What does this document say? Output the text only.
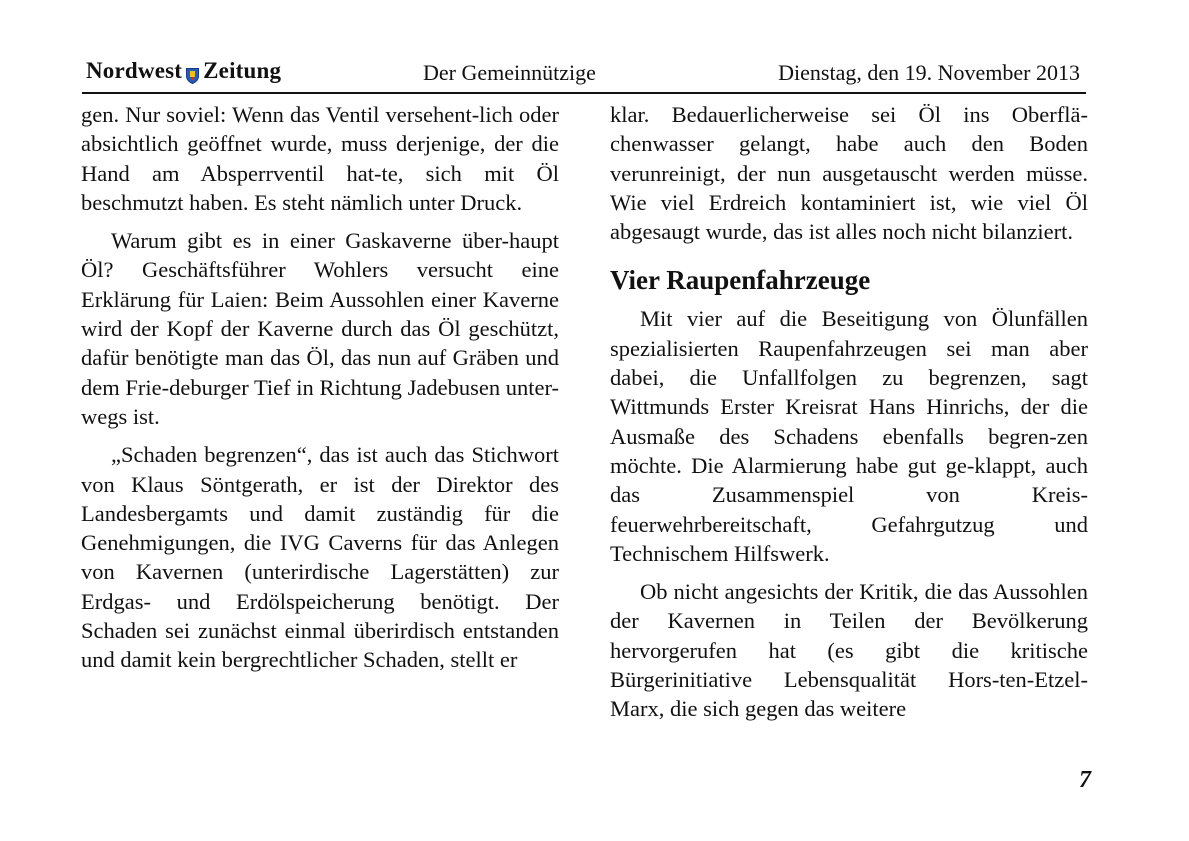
Nordwest Zeitung	Der Gemeinnützige	Dienstag, den 19. November 2013

gen. Nur soviel: Wenn das Ventil versehent-lich oder absichtlich geöffnet wurde, muss derjenige, der die Hand am Absperrventil hat-te, sich mit Öl beschmutzt haben. Es steht nämlich unter Druck.

Warum gibt es in einer Gaskaverne über-haupt Öl? Geschäftsführer Wohlers versucht eine Erklärung für Laien: Beim Aussohlen einer Kaverne wird der Kopf der Kaverne durch das Öl geschützt, dafür benötigte man das Öl, das nun auf Gräben und dem Frie-deburger Tief in Richtung Jadebusen unter-wegs ist.

„Schaden begrenzen“, das ist auch das Stichwort von Klaus Söntgerath, er ist der Direktor des Landesbergamts und damit zuständig für die Genehmigungen, die IVG Caverns für das Anlegen von Kavernen (unterirdische Lagerstätten) zur Erdgas- und Erdölspeicherung benötigt. Der Schaden sei zunächst einmal überirdisch entstanden und damit kein bergrechtlicher Schaden, stellt er

klar. Bedauerlicherweise sei Öl ins Oberflä-chenwasser gelangt, habe auch den Boden verunreinigt, der nun ausgetauscht werden müsse. Wie viel Erdreich kontaminiert ist, wie viel Öl abgesaugt wurde, das ist alles noch nicht bilanziert.

Vier Raupenfahrzeuge

Mit vier auf die Beseitigung von Ölunfällen spezialisierten Raupenfahrzeugen sei man aber dabei, die Unfallfolgen zu begrenzen, sagt Wittmunds Erster Kreisrat Hans Hinrichs, der die Ausmaße des Schadens ebenfalls begren-zen möchte. Die Alarmierung habe gut ge-klappt, auch das Zusammenspiel von Kreis-feuerwehrbereitschaft, Gefahrgutzug und Technischem Hilfswerk.

Ob nicht angesichts der Kritik, die das Aussohlen der Kavernen in Teilen der Bevölkerung hervorgerufen hat (es gibt die kritische Bürgerinitiative Lebensqualität Hors-ten-Etzel-Marx, die sich gegen das weitere

7
